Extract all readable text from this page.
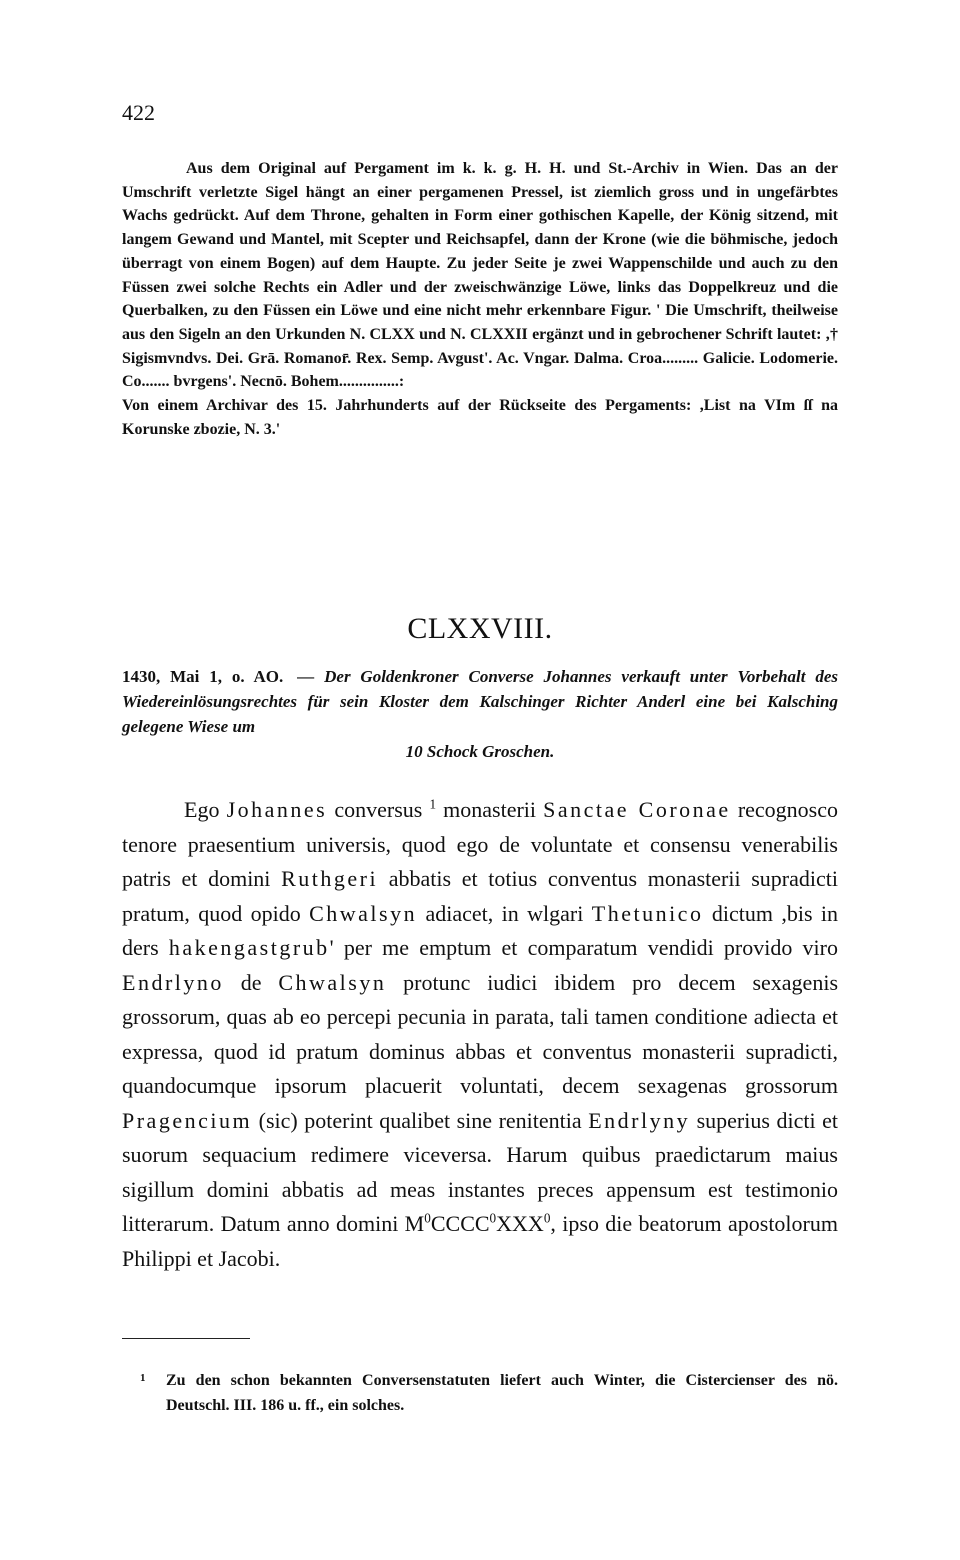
422

Aus dem Original auf Pergament im k. k. g. H. H. und St.-Archiv in Wien. Das an der Umschrift verletzte Sigel hängt an einer pergamenen Pressel, ist ziemlich gross und in ungefärbtes Wachs gedrückt. Auf dem Throne, gehalten in Form einer gothischen Kapelle, der König sitzend, mit langem Gewand und Mantel, mit Scepter und Reichsapfel, dann der Krone (wie die böhmische, jedoch überragt von einem Bogen) auf dem Haupte. Zu jeder Seite je zwei Wappenschilde und auch zu den Füssen zwei solche Rechts ein Adler und der zweischwänzige Löwe, links das Doppelkreuz und die Querbalken, zu den Füssen ein Löwe und eine nicht mehr erkennbare Figur. ' Die Umschrift, theilweise aus den Sigeln an den Urkunden N. CLXX und N. CLXXII ergänzt und in gebrochener Schrift lautet: ,† Sigismvndvs. Dei. Grā. Romanor̄. Rex. Semp. Avgust'. Ac. Vngar. Dalma. Croa......... Galicie. Lodomerie. Co....... bvrgens'. Necnō. Bohem...............:

Von einem Archivar des 15. Jahrhunderts auf der Rückseite des Pergaments: ,List na VIm ſſ na Korunske zbozie, N. 3.'

CLXXVIII.
1430, Mai 1, o. AO. — Der Goldenkroner Converse Johannes verkauft unter Vorbehalt des Wiedereinlösungsrechtes für sein Kloster dem Kalschinger Richter Anderl eine bei Kalsching gelegene Wiese um
10 Schock Groschen.

Ego Johannes conversus $^1$ monasterii Sanctae Coronae recognosco tenore praesentium universis, quod ego de voluntate et consensu venerabilis patris et domini Ruthgeri abbatis et totius conventus monasterii supradicti pratum, quod opido Chwalsyn adiacet, in wlgari Thetunico dictum ,bis in ders hakengastgrub' per me emptum et comparatum vendidi provido viro Endrlyno de Chwalsyn protunc iudici ibidem pro decem sexagenis grossorum, quas ab eo percepi pecunia in parata, tali tamen conditione adiecta et expressa, quod id pratum dominus abbas et conventus monasterii supradicti, quandocumque ipsorum placuerit voluntati, decem sexagenas grossorum Pragencium (sic) poterint qualibet sine renitentia Endrlyny superius dicti et suorum sequacium redimere viceversa. Harum quibus praedictarum maius sigillum domini abbatis ad meas instantes preces appensum est testimonio litterarum. Datum anno domini $M^0CCCC^0XXX^0$, ipso die beatorum apostolorum Philippi et Jacobi.

1	Zu den schon bekannten Conversenstatuten liefert auch Winter, die Cistercienser des nö. Deutschl. III. 186 u. ff., ein solches.
